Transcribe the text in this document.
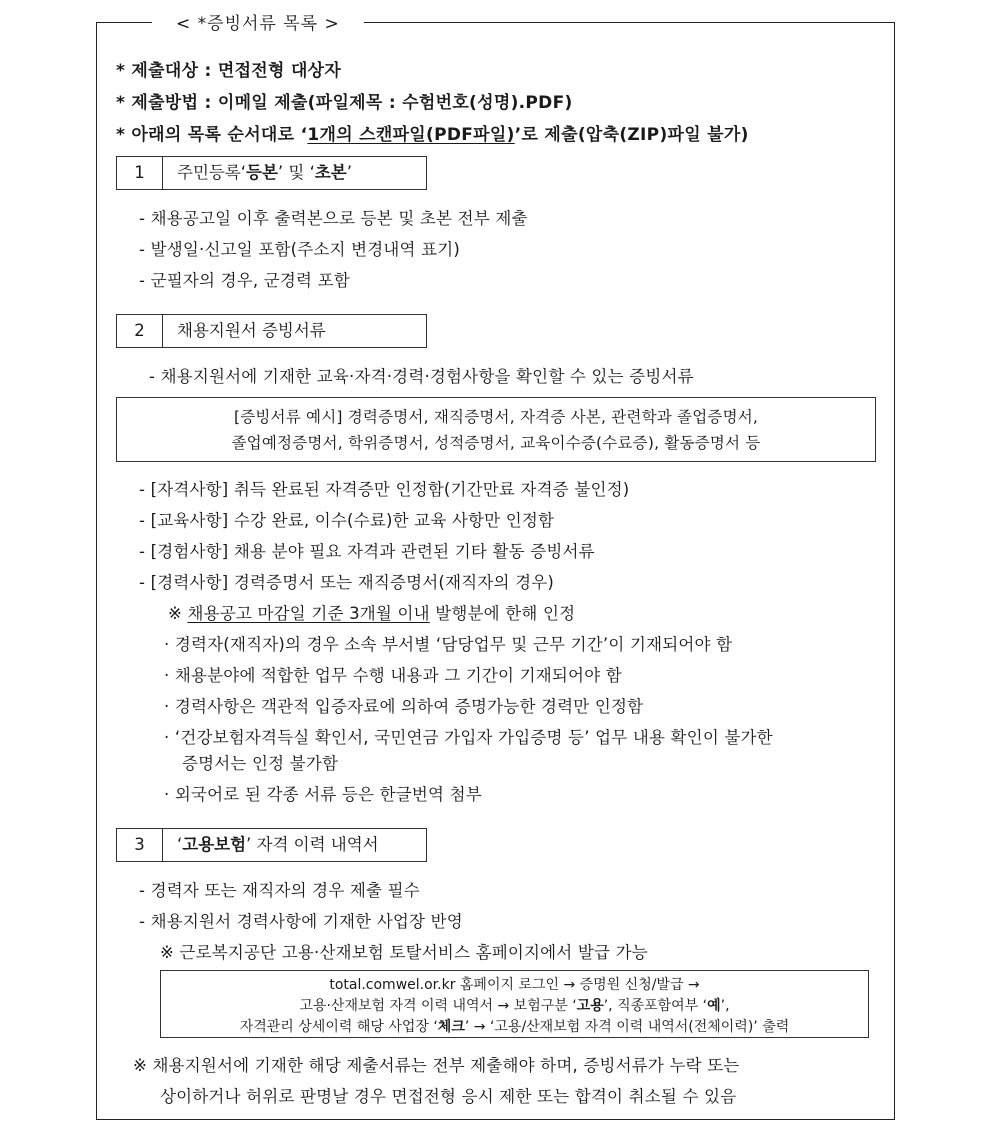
< *증빙서류 목록 >
* 제출대상 : 면접전형 대상자
* 제출방법 : 이메일 제출(파일제목 : 수험번호(성명).PDF)
* 아래의 목록 순서대로 ‘1개의 스캔파일(PDF파일)’로 제출(압축(ZIP)파일 불가)
1	주민등록‘등본’ 및 ‘초본’
- 채용공고일 이후 출력본으로 등본 및 초본 전부 제출
- 발생일·신고일 포함(주소지 변경내역 표기)
- 군필자의 경우, 군경력 포함
2	채용지원서 증빙서류
- 채용지원서에 기재한 교육·자격·경력·경험사항을 확인할 수 있는 증빙서류
[증빙서류 예시] 경력증명서, 재직증명서, 자격증 사본, 관련학과 졸업증명서,
졸업예정증명서, 학위증명서, 성적증명서, 교육이수증(수료증), 활동증명서 등
- [자격사항] 취득 완료된 자격증만 인정함(기간만료 자격증 불인정)
- [교육사항] 수강 완료, 이수(수료)한 교육 사항만 인정함
- [경험사항] 채용 분야 필요 자격과 관련된 기타 활동 증빙서류
- [경력사항] 경력증명서 또는 재직증명서(재직자의 경우)
※ 채용공고 마감일 기준 3개월 이내 발행분에 한해 인정
· 경력자(재직자)의 경우 소속 부서별 ‘담당업무 및 근무 기간’이 기재되어야 함
· 채용분야에 적합한 업무 수행 내용과 그 기간이 기재되어야 함
· 경력사항은 객관적 입증자료에 의하여 증명가능한 경력만 인정함
· ‘건강보험자격득실 확인서, 국민연금 가입자 가입증명 등’ 업무 내용 확인이 불가한
증명서는 인정 불가함
· 외국어로 된 각종 서류 등은 한글번역 첨부
3	‘고용보험’ 자격 이력 내역서
- 경력자 또는 재직자의 경우 제출 필수
- 채용지원서 경력사항에 기재한 사업장 반영
※ 근로복지공단 고용·산재보험 토탈서비스 홈페이지에서 발급 가능
total.comwel.or.kr 홈페이지 로그인 → 증명원 신청/발급 →
고용·산재보험 자격 이력 내역서 → 보험구분 ‘고용’, 직종포함여부 ‘예’,
자격관리 상세이력 해당 사업장 ‘체크’ → ‘고용/산재보험 자격 이력 내역서(전체이력)’ 출력
※ 채용지원서에 기재한 해당 제출서류는 전부 제출해야 하며, 증빙서류가 누락 또는
상이하거나 허위로 판명날 경우 면접전형 응시 제한 또는 합격이 취소될 수 있음
